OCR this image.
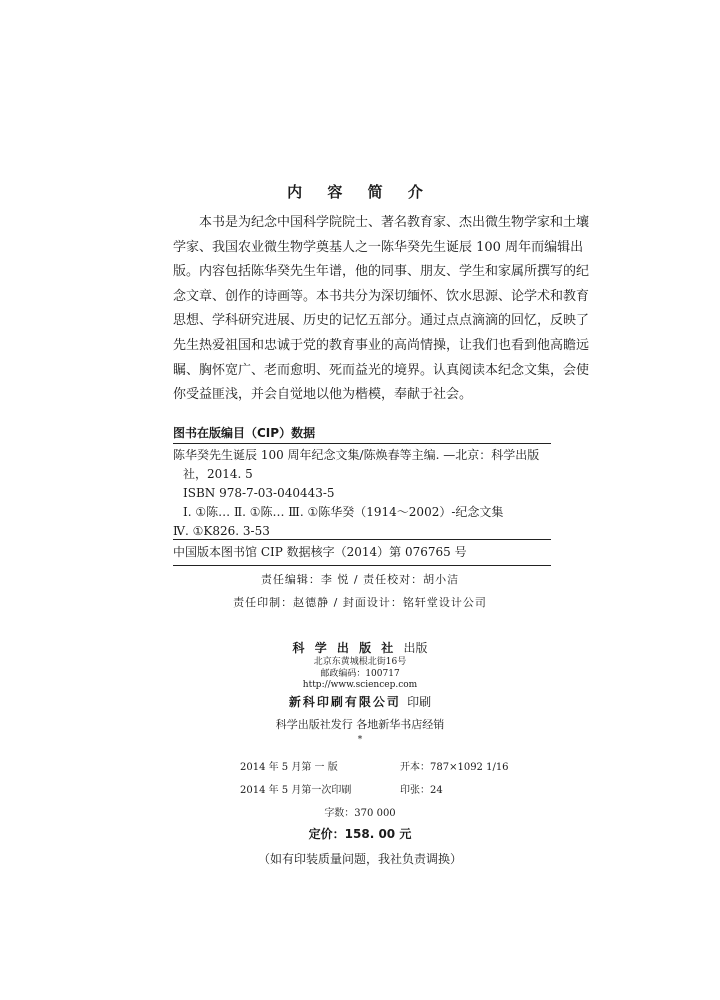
内 容 简 介
本书是为纪念中国科学院院士、著名教育家、杰出微生物学家和土壤
学家、我国农业微生物学奠基人之一陈华癸先生诞辰 100 周年而编辑出
版。内容包括陈华癸先生年谱，他的同事、朋友、学生和家属所撰写的纪
念文章、创作的诗画等。本书共分为深切缅怀、饮水思源、论学术和教育
思想、学科研究进展、历史的记忆五部分。通过点点滴滴的回忆，反映了
先生热爱祖国和忠诚于党的教育事业的高尚情操，让我们也看到他高瞻远
瞩、胸怀宽广、老而愈明、死而益光的境界。认真阅读本纪念文集，会使
你受益匪浅，并会自觉地以他为楷模，奉献于社会。
图书在版编目（CIP）数据
陈华癸先生诞辰 100 周年纪念文集/陈焕春等主编. —北京：科学出版
社，2014. 5
ISBN 978-7-03-040443-5
Ⅰ. ①陈… Ⅱ. ①陈… Ⅲ. ①陈华癸（1914～2002）-纪念文集
Ⅳ. ①K826. 3-53
中国版本图书馆 CIP 数据核字（2014）第 076765 号
责任编辑：李 悦 / 责任校对：胡小洁
责任印制：赵德静 / 封面设计：铭轩堂设计公司
科 学 出 版 社 出版
北京东黄城根北街16号
邮政编码：100717
http://www.sciencep.com
新科印刷有限公司 印刷
科学出版社发行 各地新华书店经销
*
2014 年 5 月第 一 版	开本：787×1092 1/16
2014 年 5 月第一次印刷	印张：24
字数：370 000
定价：158. 00 元
（如有印装质量问题，我社负责调换）
